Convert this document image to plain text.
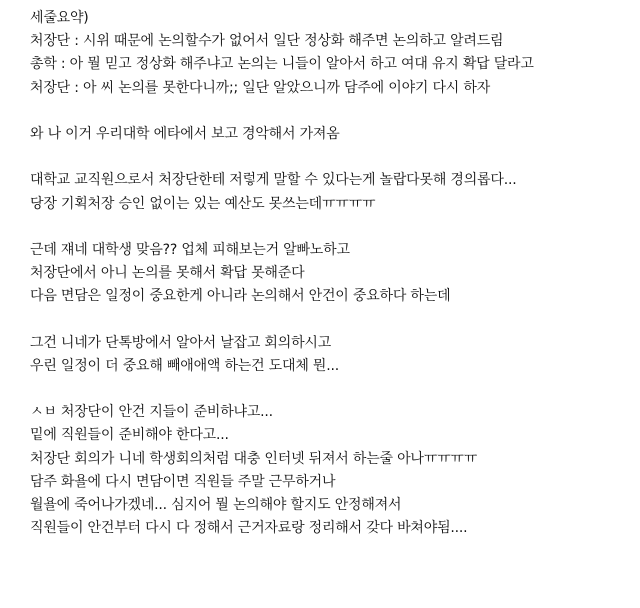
세줄요약)
처장단 : 시위 때문에 논의할수가 없어서 일단 정상화 해주면 논의하고 알려드림
총학 : 아 뭘 믿고 정상화 해주냐고 논의는 니들이 알아서 하고 여대 유지 확답 달라고
처장단 : 아 씨 논의를 못한다니까;; 일단 알았으니까 담주에 이야기 다시 하자
와 나 이거 우리대학 에타에서 보고 경악해서 가져옴
대학교 교직원으로서 처장단한테 저렇게 말할 수 있다는게 놀랍다못해 경의롭다...
당장 기획처장 승인 없이는 있는 예산도 못쓰는데ㅠㅠㅠㅠ
근데 쟤네 대학생 맞음?? 업체 피해보는거 알빠노하고
처장단에서 아니 논의를 못해서 확답 못해준다
다음 면담은 일정이 중요한게 아니라 논의해서 안건이 중요하다 하는데
그건 니네가 단톡방에서 알아서 날잡고 회의하시고
우린 일정이 더 중요해 빼애애액 하는건 도대체 뭔...
ㅅㅂ 처장단이 안건 지들이 준비하냐고...
밑에 직원들이 준비해야 한다고...
처장단 회의가 니네 학생회의처럼 대충 인터넷 뒤져서 하는줄 아나ㅠㅠㅠㅠ
담주 화욜에 다시 면담이면 직원들 주말 근무하거나
월욜에 죽어나가겠네... 심지어 뭘 논의해야 할지도 안정해져서
직원들이 안건부터 다시 다 정해서 근거자료랑 정리해서 갖다 바쳐야됨....
